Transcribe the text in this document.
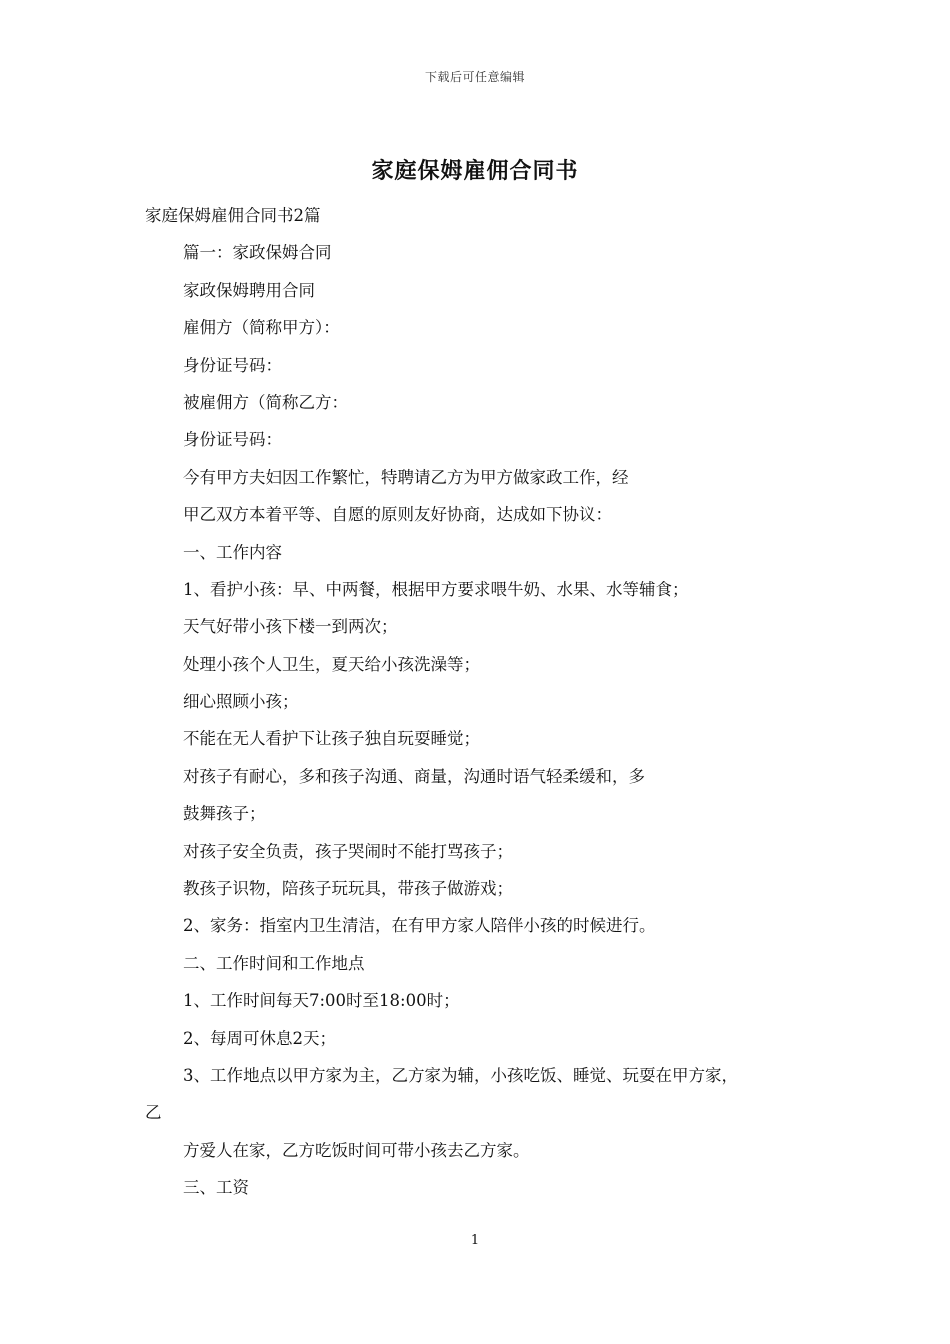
下载后可任意编辑
家庭保姆雇佣合同书
家庭保姆雇佣合同书2篇
篇一：家政保姆合同
家政保姆聘用合同
雇佣方（简称甲方）：
身份证号码：
被雇佣方（简称乙方：
身份证号码：
今有甲方夫妇因工作繁忙，特聘请乙方为甲方做家政工作，经
甲乙双方本着平等、自愿的原则友好协商，达成如下协议：
一、工作内容
1、看护小孩：早、中两餐，根据甲方要求喂牛奶、水果、水等辅食；
天气好带小孩下楼一到两次；
处理小孩个人卫生，夏天给小孩洗澡等；
细心照顾小孩；
不能在无人看护下让孩子独自玩耍睡觉；
对孩子有耐心，多和孩子沟通、商量，沟通时语气轻柔缓和，多
鼓舞孩子；
对孩子安全负责，孩子哭闹时不能打骂孩子；
教孩子识物，陪孩子玩玩具，带孩子做游戏；
2、家务：指室内卫生清洁，在有甲方家人陪伴小孩的时候进行。
二、工作时间和工作地点
1、工作时间每天7:00时至18:00时；
2、每周可休息2天；
3、工作地点以甲方家为主，乙方家为辅，小孩吃饭、睡觉、玩耍在甲方家，
乙
方爱人在家，乙方吃饭时间可带小孩去乙方家。
三、工资
1
